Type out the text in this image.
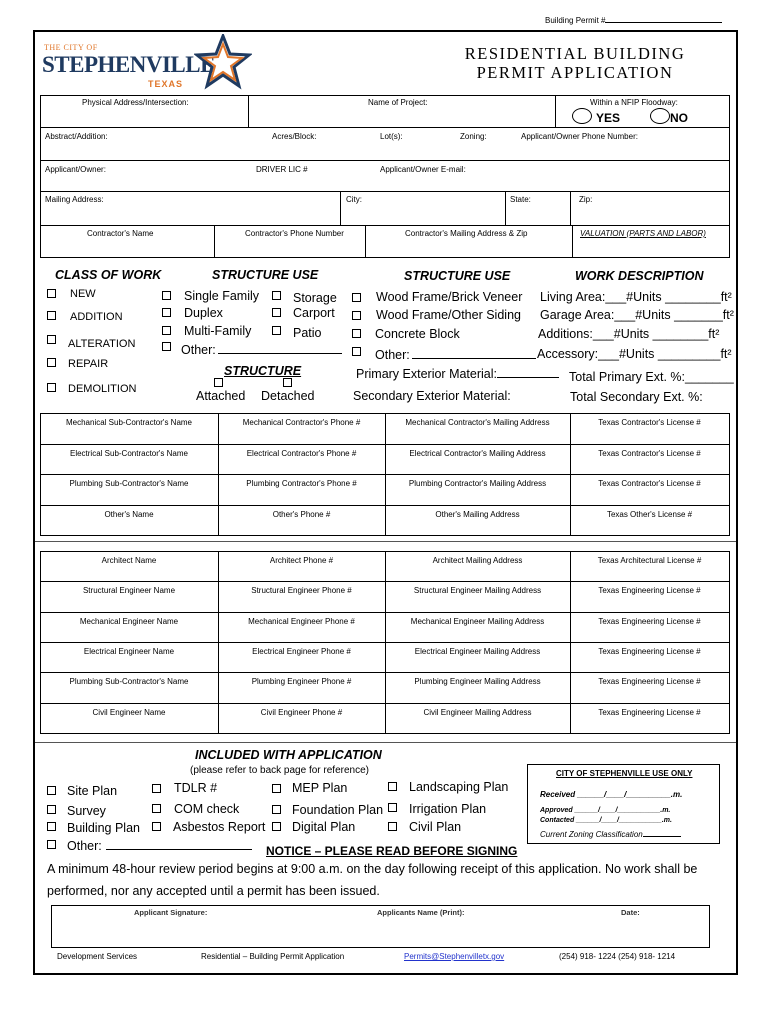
Building Permit #
THE CITY OF
STEPHENVILLE
TEXAS
RESIDENTIAL BUILDING
PERMIT APPLICATION
Physical Address/Intersection:	Name of Project:	Within a NFIP Floodway:
YES	NO
Abstract/Addition:	Acres/Block:	Lot(s):	Zoning:	Applicant/Owner Phone Number:
Applicant/Owner:	DRIVER LIC #	Applicant/Owner E-mail:
Mailing Address:	City:	State:	Zip:
Contractor's Name	Contractor's Phone Number	Contractor's Mailing Address & Zip	VALUATION (PARTS AND LABOR)
CLASS OF WORK	STRUCTURE USE	STRUCTURE USE	WORK DESCRIPTION
NEW
ADDITION
ALTERATION
REPAIR
DEMOLITION
Single Family
Duplex
Multi-Family
Other:
Storage
Carport
Patio
STRUCTURE
Attached Detached
Wood Frame/Brick Veneer
Wood Frame/Other Siding
Concrete Block
Other:
Primary Exterior Material:
Secondary Exterior Material:
Living Area:___#Units ________ft²
Garage Area:___#Units _______ft²
Additions:___#Units ________ft²
Accessory:___#Units _________ft²
Total Primary Ext. %:_______
Total Secondary Ext. %:
Mechanical Sub-Contractor's Name	Mechanical Contractor's Phone #	Mechanical Contractor's Mailing Address	Texas Contractor's License #
Electrical Sub-Contractor's Name	Electrical Contractor's Phone #	Electrical Contractor's Mailing Address	Texas Contractor's License #
Plumbing Sub-Contractor's Name	Plumbing Contractor's Phone #	Plumbing Contractor's Mailing Address	Texas Contractor's License #
Other's Name	Other's Phone #	Other's Mailing Address	Texas Other's License #
Architect Name	Architect Phone #	Architect Mailing Address	Texas Architectural License #
Structural Engineer Name	Structural Engineer Phone #	Structural Engineer Mailing Address	Texas Engineering License #
Mechanical Engineer Name	Mechanical Engineer Phone #	Mechanical Engineer Mailing Address	Texas Engineering License #
Electrical Engineer Name	Electrical Engineer Phone #	Electrical Engineer Mailing Address	Texas Engineering License #
Plumbing Sub-Contractor's Name	Plumbing Engineer Phone #	Plumbing Engineer Mailing Address	Texas Engineering License #
Civil Engineer Name	Civil Engineer Phone #	Civil Engineer Mailing Address	Texas Engineering License #
INCLUDED WITH APPLICATION
(please refer to back page for reference)
Site Plan
Survey
Building Plan
Other:
TDLR #
COM check
Asbestos Report
MEP Plan
Foundation Plan
Digital Plan
Landscaping Plan
Irrigation Plan
Civil Plan
CITY OF STEPHENVILLE USE ONLY
Received ______/____/__________.m.
Approved ______/____/___________.m.
Contacted ______/____/___________.m.
Current Zoning Classification
NOTICE – PLEASE READ BEFORE SIGNING
A minimum 48-hour review period begins at 9:00 a.m. on the day following receipt of this application. No work shall be
performed, nor any accepted until a permit has been issued.
Applicant Signature:	Applicants Name (Print):	Date:
Development Services	Residential – Building Permit Application	Permits@Stephenvilletx.gov	(254) 918- 1224 (254) 918- 1214
